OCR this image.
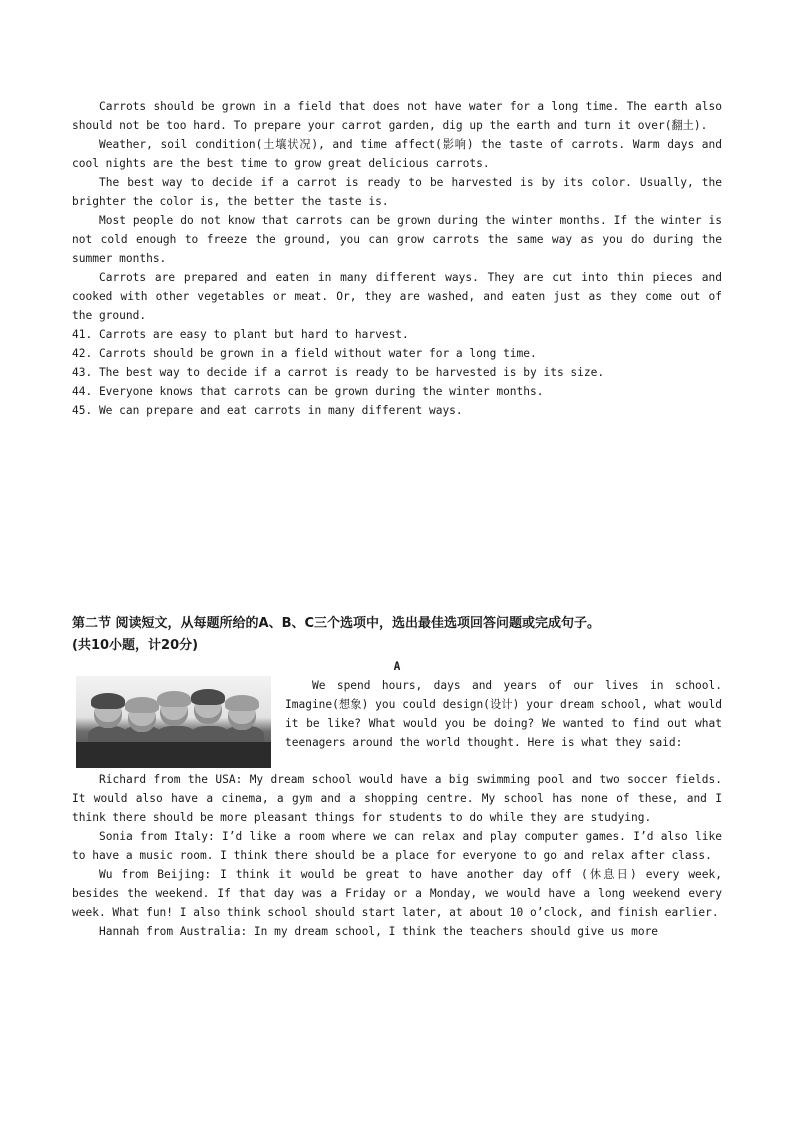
Carrots should be grown in a field that does not have water for a long time. The earth also should not be too hard. To prepare your carrot garden, dig up the earth and turn it over(翻土).

Weather, soil condition(土壤状况), and time affect(影响) the taste of carrots. Warm days and cool nights are the best time to grow great delicious carrots.

The best way to decide if a carrot is ready to be harvested is by its color. Usually, the brighter the color is, the better the taste is.

Most people do not know that carrots can be grown during the winter months. If the winter is not cold enough to freeze the ground, you can grow carrots the same way as you do during the summer months.

Carrots are prepared and eaten in many different ways. They are cut into thin pieces and cooked with other vegetables or meat. Or, they are washed, and eaten just as they come out of the ground.

41. Carrots are easy to plant but hard to harvest.

42. Carrots should be grown in a field without water for a long time.

43. The best way to decide if a carrot is ready to be harvested is by its size.

44. Everyone knows that carrots can be grown during the winter months.

45. We can prepare and eat carrots in many different ways.

第二节 阅读短文，从每题所给的A、B、C三个选项中，选出最佳选项回答问题或完成句子。(共10小题，计20分)

A

We spend hours, days and years of our lives in school. Imagine(想象) you could design(设计) your dream school, what would it be like? What would you be doing? We wanted to find out what teenagers around the world thought. Here is what they said:

Richard from the USA: My dream school would have a big swimming pool and two soccer fields. It would also have a cinema, a gym and a shopping centre. My school has none of these, and I think there should be more pleasant things for students to do while they are studying.

Sonia from Italy: I’d like a room where we can relax and play computer games. I’d also like to have a music room. I think there should be a place for everyone to go and relax after class.

Wu from Beijing: I think it would be great to have another day off (休息日) every week, besides the weekend. If that day was a Friday or a Monday, we would have a long weekend every week. What fun! I also think school should start later, at about 10 o’clock, and finish earlier.

Hannah from Australia: In my dream school, I think the teachers should give us more
